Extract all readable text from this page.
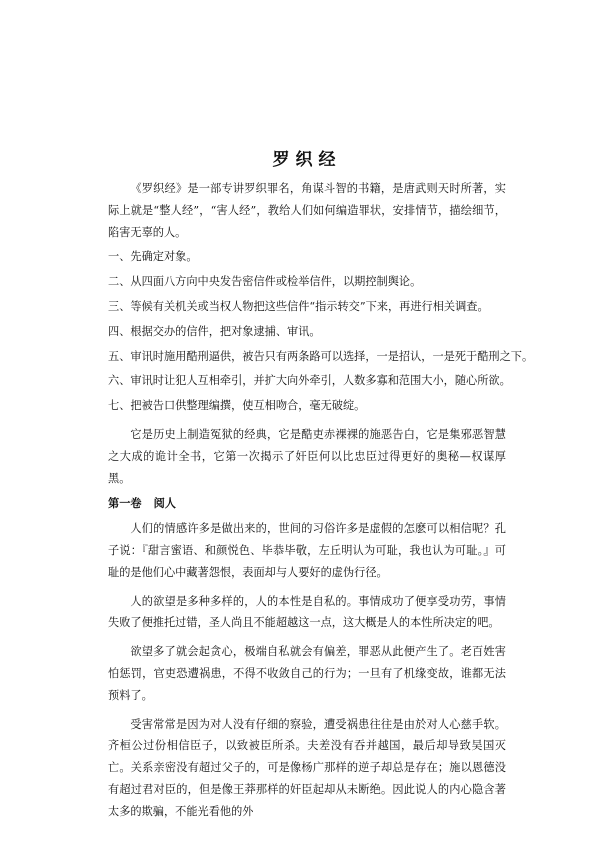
罗织经

《罗织经》是一部专讲罗织罪名，角谋斗智的书籍，是唐武则天时所著，实际上就是“整人经”，“害人经”，教给人们如何编造罪状，安排情节，描绘细节，陷害无辜的人。

一、先确定对象。
二、从四面八方向中央发告密信件或检举信件，以期控制舆论。
三、等候有关机关或当权人物把这些信件“指示转交”下来，再进行相关调查。
四、根据交办的信件，把对象逮捕、审讯。
五、审讯时施用酷刑逼供，被告只有两条路可以选择，一是招认，一是死于酷刑之下。
六、审讯时让犯人互相牵引，并扩大向外牵引，人数多寡和范围大小，随心所欲。
七、把被告口供整理编撰，使互相吻合，毫无破绽。

它是历史上制造冤狱的经典，它是酷吏赤裸裸的施恶告白，它是集邪恶智慧之大成的诡计全书，它第一次揭示了奸臣何以比忠臣过得更好的奥秘—权谋厚黑。

第一卷 阅人

人们的情感许多是做出来的，世间的习俗许多是虚假的怎麽可以相信呢？孔子说：『甜言蜜语、和颜悦色、毕恭毕敬，左丘明认为可耻，我也认为可耻。』可耻的是他们心中藏著怨恨，表面却与人要好的虚伪行径。

人的欲望是多种多样的，人的本性是自私的。事情成功了便享受功劳，事情失败了便推托过错，圣人尚且不能超越这一点，这大概是人的本性所决定的吧。

欲望多了就会起贪心，极端自私就会有偏差，罪恶从此便产生了。老百姓害怕惩罚，官吏恐遭祸患，不得不收敛自己的行为；一旦有了机缘变故，谁都无法预料了。

受害常常是因为对人没有仔细的察验，遭受祸患往往是由於对人心慈手软。齐桓公过份相信臣子，以致被臣所杀。夫差没有吞并越国，最后却导致吴国灭亡。关系亲密没有超过父子的，可是像杨广那样的逆子却总是存在；施以恩德没有超过君对臣的，但是像王莽那样的奸臣起却从未断绝。因此说人的内心隐含著太多的欺骗，不能光看他的外
